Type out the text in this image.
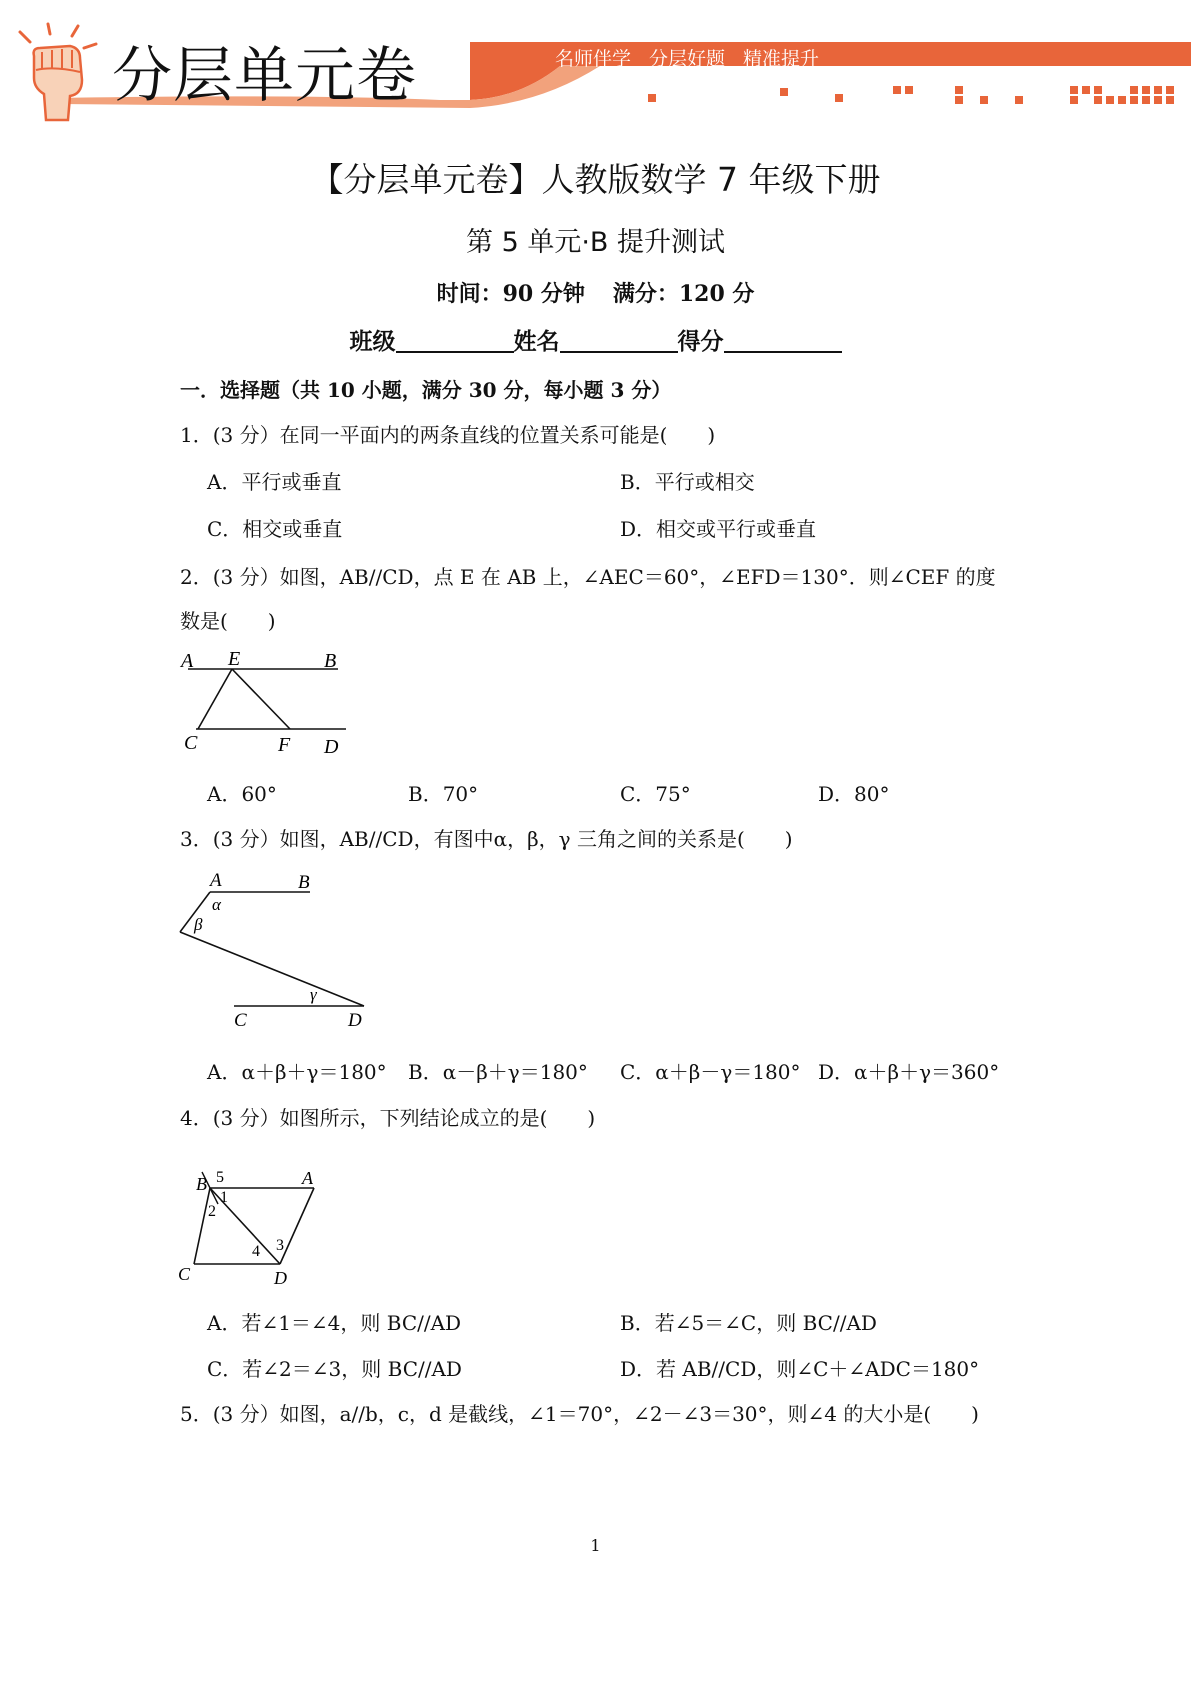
分层单元卷	名师伴学 分层好题 精准提升
【分层单元卷】人教版数学 7 年级下册
第 5 单元·B 提升测试
时间：90 分钟 满分：120 分
班级	姓名	得分
一．选择题（共 10 小题，满分 30 分，每小题 3 分）
1．(3 分）在同一平面内的两条直线的位置关系可能是(　　)
A．平行或垂直	B．平行或相交
C．相交或垂直	D．相交或平行或垂直
2．(3 分）如图，AB//CD，点 E 在 AB 上，∠AEC＝60°，∠EFD＝130°．则∠CEF 的度
数是(　　)
A E	B
C	F D
A．60°	B．70°	C．75°	D．80°
3．(3 分）如图，AB//CD，有图中α，β，γ 三角之间的关系是(　　)
A	B
α
β
γ
C	D
A．α＋β＋γ＝180° B．α－β＋γ＝180° C．α＋β－γ＝180° D．α＋β＋γ＝360°
4．(3 分）如图所示，下列结论成立的是(　　)
B 5	A
1
2
4 3
C	D
A．若∠1＝∠4，则 BC//AD	B．若∠5＝∠C，则 BC//AD
C．若∠2＝∠3，则 BC//AD	D．若 AB//CD，则∠C＋∠ADC＝180°
5．(3 分）如图，a//b，c，d 是截线，∠1＝70°，∠2－∠3＝30°，则∠4 的大小是(　　)
1
